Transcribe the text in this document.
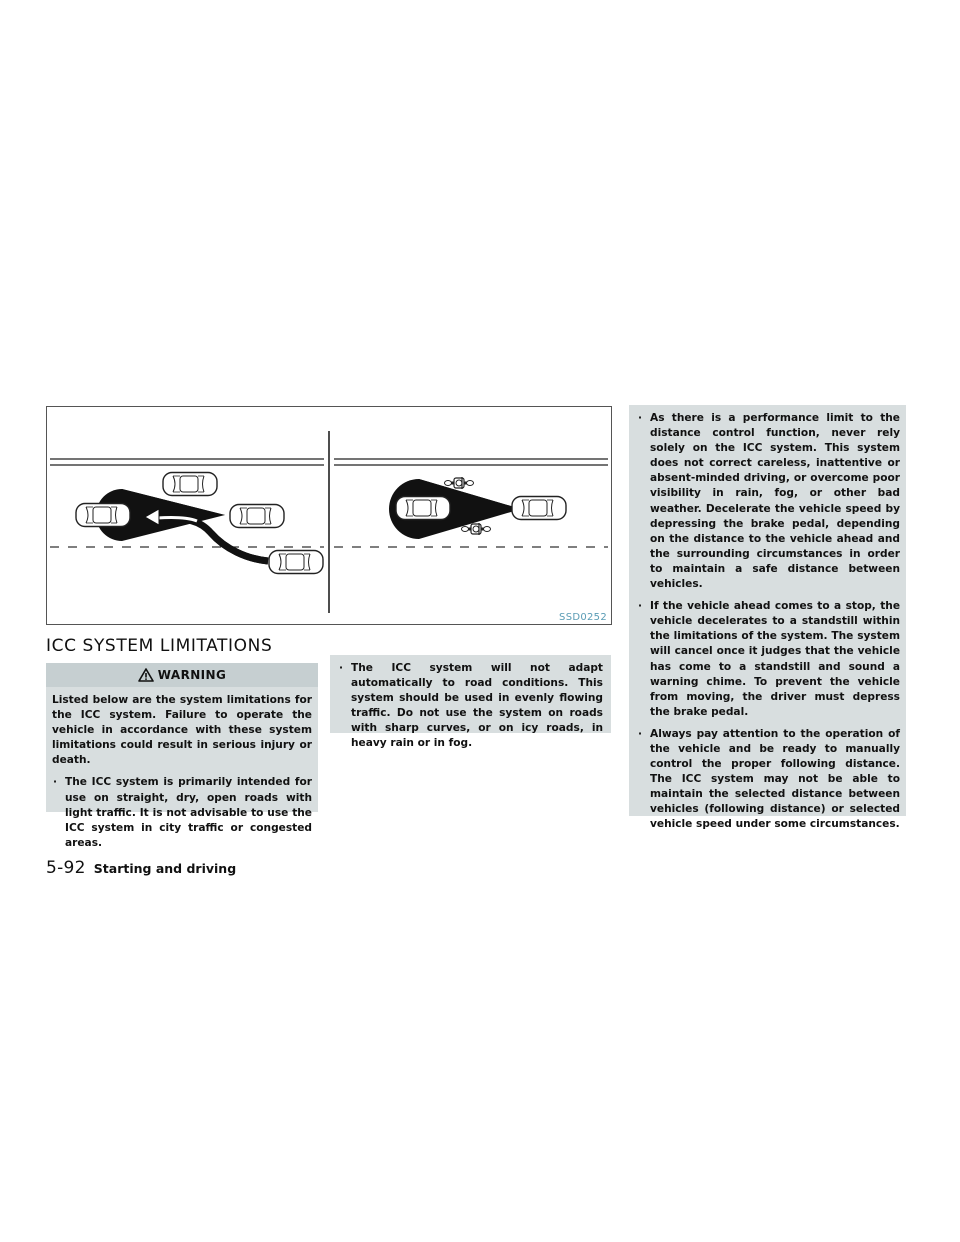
SSD0252
ICC SYSTEM LIMITATIONS
WARNING

Listed below are the system limitations for the ICC system. Failure to operate the vehicle in accordance with these system limitations could result in serious injury or death.

· The ICC system is primarily intended for use on straight, dry, open roads with light traffic. It is not advisable to use the ICC system in city traffic or congested areas.
· The ICC system will not adapt automatically to road conditions. This system should be used in evenly flowing traffic. Do not use the system on roads with sharp curves, or on icy roads, in heavy rain or in fog.
· As there is a performance limit to the distance control function, never rely solely on the ICC system. This system does not correct careless, inattentive or absent-minded driving, or overcome poor visibility in rain, fog, or other bad weather. Decelerate the vehicle speed by depressing the brake pedal, depending on the distance to the vehicle ahead and the surrounding circumstances in order to maintain a safe distance between vehicles.
· If the vehicle ahead comes to a stop, the vehicle decelerates to a standstill within the limitations of the system. The system will cancel once it judges that the vehicle has come to a standstill and sound a warning chime. To prevent the vehicle from moving, the driver must depress the brake pedal.
· Always pay attention to the operation of the vehicle and be ready to manually control the proper following distance. The ICC system may not be able to maintain the selected distance between vehicles (following distance) or selected vehicle speed under some circumstances.
5-92 Starting and driving
